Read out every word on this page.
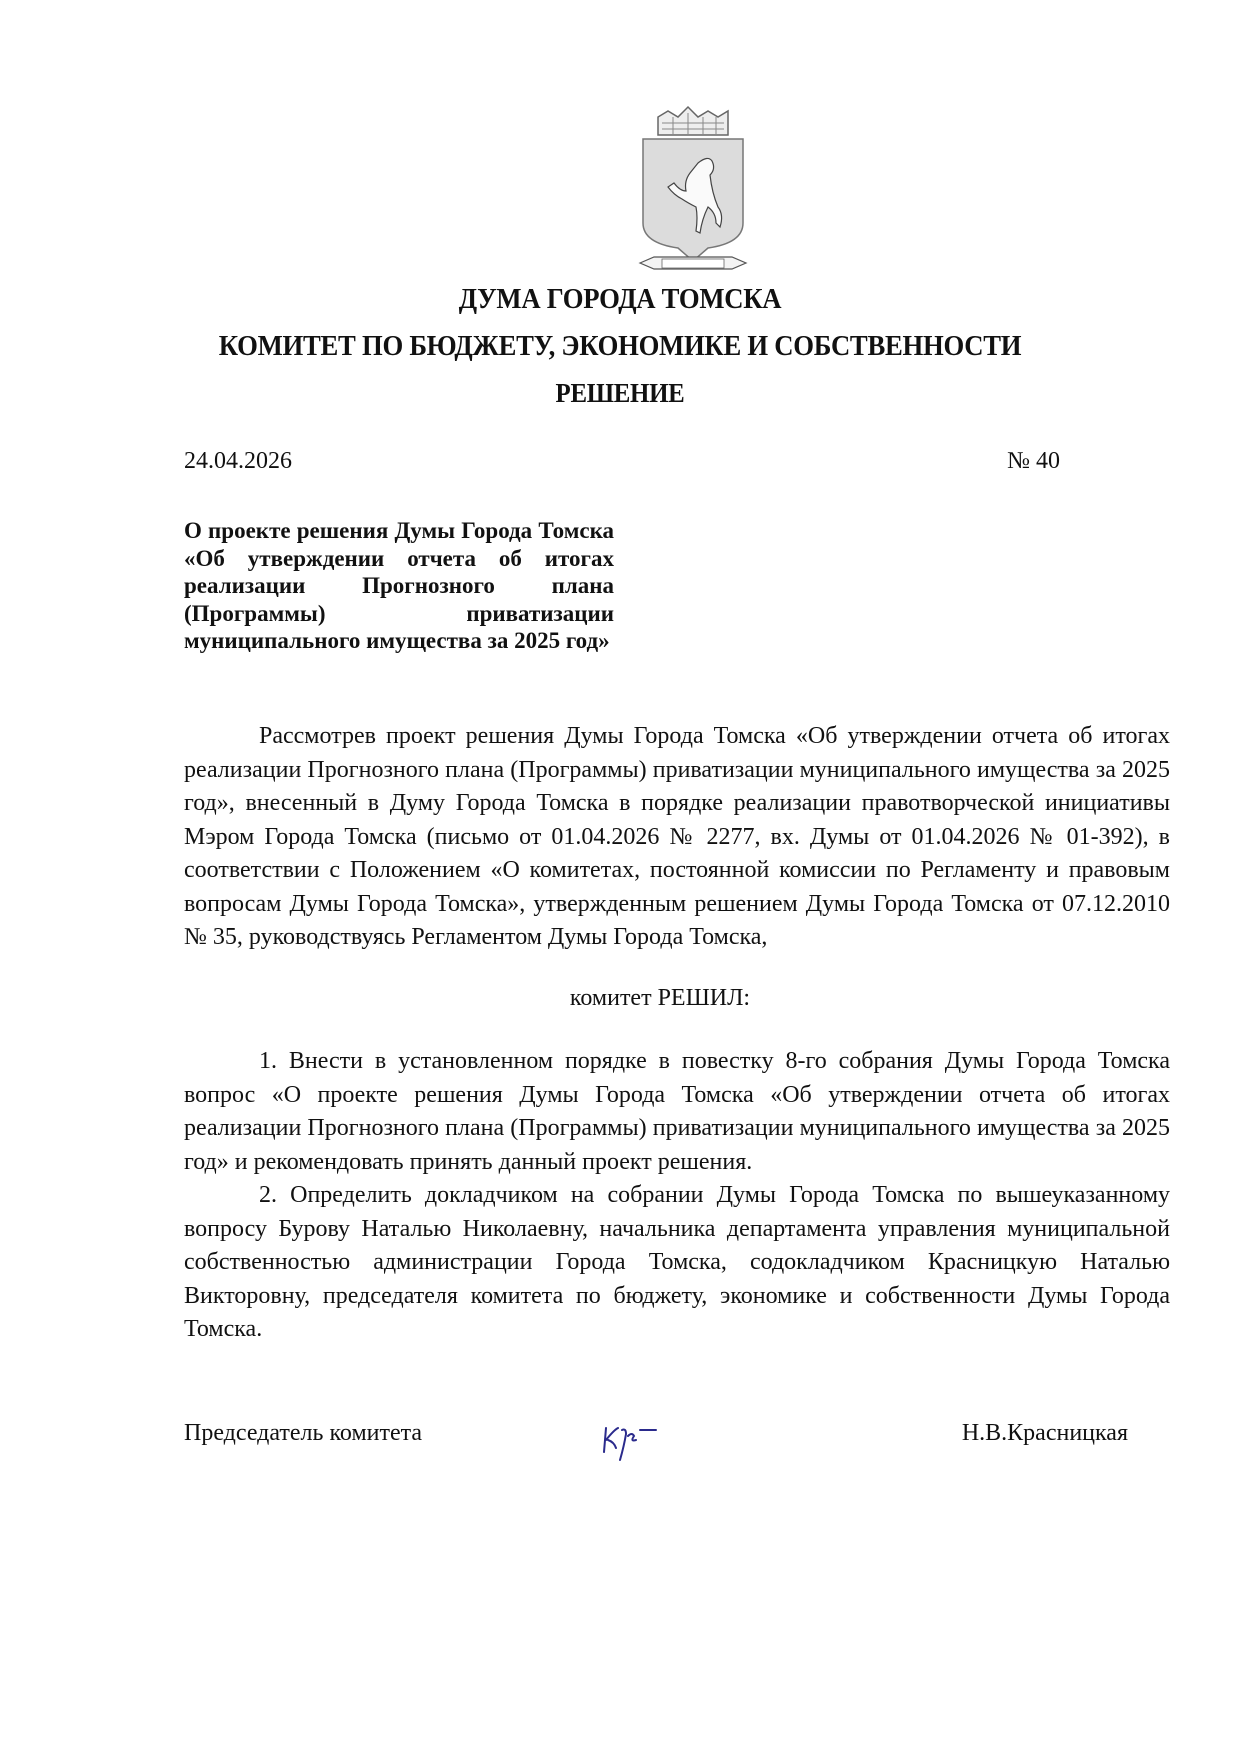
ДУМА ГОРОДА ТОМСКА
КОМИТЕТ ПО БЮДЖЕТУ, ЭКОНОМИКЕ И СОБСТВЕННОСТИ
РЕШЕНИЕ
24.04.2026	№ 40
О проекте решения Думы Города Томска «Об утверждении отчета об итогах реализации Прогнозного плана (Программы) приватизации муниципального имущества за 2025 год»
Рассмотрев проект решения Думы Города Томска «Об утверждении отчета об итогах реализации Прогнозного плана (Программы) приватизации муниципального имущества за 2025 год», внесенный в Думу Города Томска в порядке реализации правотворческой инициативы Мэром Города Томска (письмо от 01.04.2026 № 2277, вх. Думы от 01.04.2026 № 01-392), в соответствии с Положением «О комитетах, постоянной комиссии по Регламенту и правовым вопросам Думы Города Томска», утвержденным решением Думы Города Томска от 07.12.2010 № 35, руководствуясь Регламентом Думы Города Томска,
комитет РЕШИЛ:

1. Внести в установленном порядке в повестку 8-го собрания Думы Города Томска вопрос «О проекте решения Думы Города Томска «Об утверждении отчета об итогах реализации Прогнозного плана (Программы) приватизации муниципального имущества за 2025 год» и рекомендовать принять данный проект решения.

2. Определить докладчиком на собрании Думы Города Томска по вышеуказанному вопросу Бурову Наталью Николаевну, начальника департамента управления муниципальной собственностью администрации Города Томска, содокладчиком Красницкую Наталью Викторовну, председателя комитета по бюджету, экономике и собственности Думы Города Томска.

Председатель комитета	Н.В.Красницкая
